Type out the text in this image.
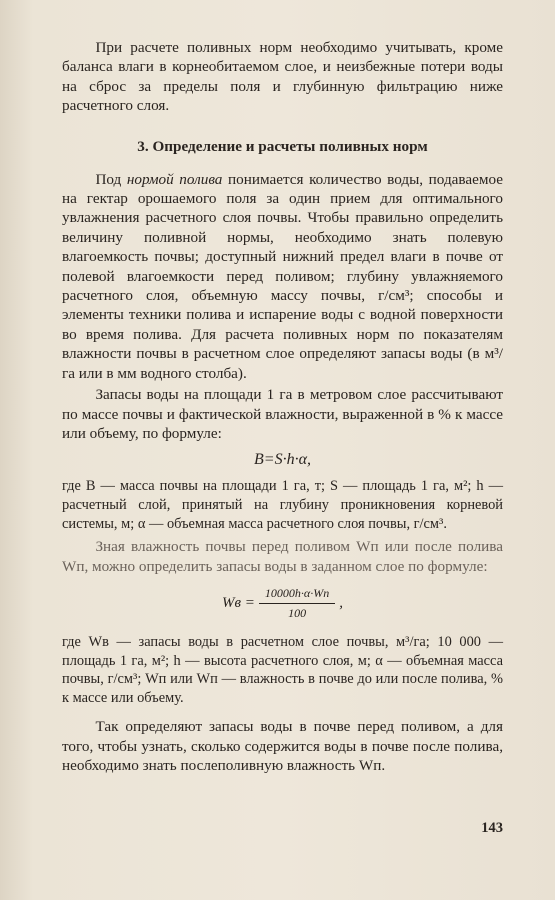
При расчете поливных норм необходимо учитывать, кроме баланса влаги в корнеобитаемом слое, и неизбежные потери воды на сброс за пределы поля и глубинную фильтрацию ниже расчетного слоя.

3. Определение и расчеты поливных норм

Под нормой полива понимается количество воды, подаваемое на гектар орошаемого поля за один прием для оптимального увлажнения расчетного слоя почвы. Чтобы правильно определить величину поливной нормы, необходимо знать полевую влагоемкость почвы; доступный нижний предел влаги в почве от полевой влагоемкости перед поливом; глубину увлажняемого расчетного слоя, объемную массу почвы, г/см³; способы и элементы техники полива и испарение воды с водной поверхности во время полива. Для расчета поливных норм по показателям влажности почвы в расчетном слое определяют запасы воды (в м³/га или в мм водного столба).

Запасы воды на площади 1 га в метровом слое рассчитывают по массе почвы и фактической влажности, выраженной в % к массе или объему, по формуле:

B=S·h·α,

где B — масса почвы на площади 1 га, т; S — площадь 1 га, м²; h — расчетный слой, принятый на глубину проникновения корневой системы, м; α — объемная масса расчетного слоя почвы, г/см³.

Зная влажность почвы перед поливом Wп или после полива Wп, можно определить запасы воды в заданном слое по формуле:

Wв = $\frac{10000h\cdot\alpha\cdot Wп}{100}$ ,

где Wв — запасы воды в расчетном слое почвы, м³/га; 10 000 — площадь 1 га, м²; h — высота расчетного слоя, м; α — объемная масса почвы, г/см³; Wп или Wп — влажность в почве до или после полива, % к массе или объему.

Так определяют запасы воды в почве перед поливом, а для того, чтобы узнать, сколько содержится воды в почве после полива, необходимо знать послеполивную влажность Wп.

143
